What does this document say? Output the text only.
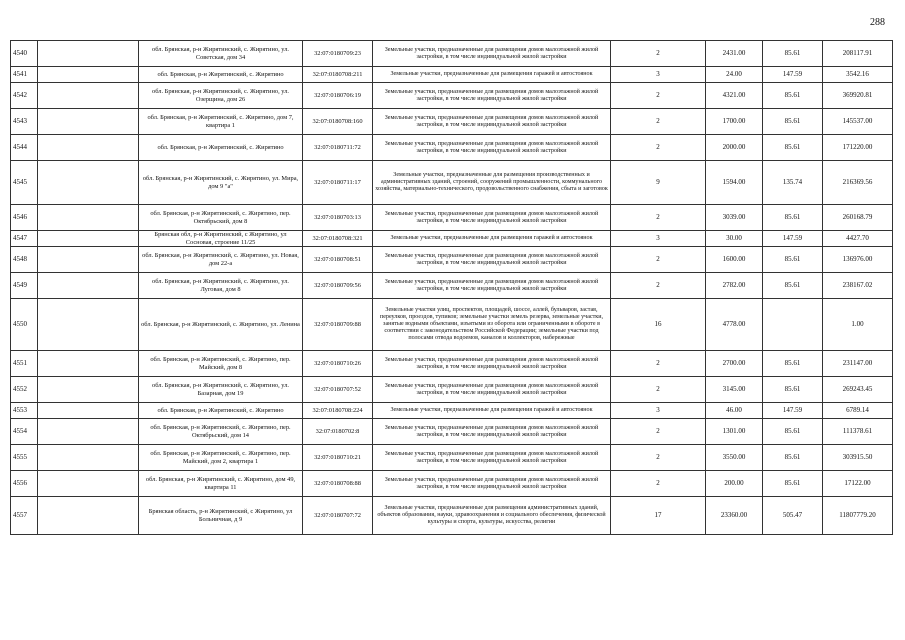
288
4540		обл. Брянская, р-н Жирятинский, с. Жирятино, ул. Советская, дом 34	32:07:0180709:23	Земельные участки, предназначенные для размещения домов малоэтажной жилой застройки, в том числе индивидуальной жилой застройки	2	2431.00	85.61	208117.91
4541		обл. Брянская, р-н Жирятинский, с. Жирятино	32:07:0180708:211	Земельные участки, предназначенные для размещения гаражей и автостоянок	3	24.00	147.59	3542.16
4542		обл. Брянская, р-н Жирятинский, с. Жирятино, ул. Озерщина, дом 26	32:07:0180706:19	Земельные участки, предназначенные для размещения домов малоэтажной жилой застройки, в том числе индивидуальной жилой застройки	2	4321.00	85.61	369920.81
4543		обл. Брянская, р-н Жирятинский, с. Жирятино, дом 7, квартира 1	32:07:0180708:160	Земельные участки, предназначенные для размещения домов малоэтажной жилой застройки, в том числе индивидуальной жилой застройки	2	1700.00	85.61	145537.00
4544		обл. Брянская, р-н Жирятинский, с. Жирятино	32:07:0180711:72	Земельные участки, предназначенные для размещения домов малоэтажной жилой застройки, в том числе индивидуальной жилой застройки	2	2000.00	85.61	171220.00
4545		обл. Брянская, р-н Жирятинский, с. Жирятино, ул. Мира, дом 9 "а"	32:07:0180711:17	Земельные участки, предназначенные для размещения производственных и административных зданий, строений, сооружений промышленности, коммунального хозяйства, материально-технического, продовольственного снабжения, сбыта и заготовок	9	1594.00	135.74	216369.56
4546		обл. Брянская, р-н Жирятинский, с. Жирятино, пер. Октябрьский, дом 8	32:07:0180703:13	Земельные участки, предназначенные для размещения домов малоэтажной жилой застройки, в том числе индивидуальной жилой застройки	2	3039.00	85.61	260168.79
4547		Брянская обл, р-н Жирятинский, с Жирятино, ул Сосновая, строение 11/25	32:07:0180708:321	Земельные участки, предназначенные для размещения гаражей и автостоянок	3	30.00	147.59	4427.70
4548		обл. Брянская, р-н Жирятинский, с. Жирятино, ул. Новая, дом 22-а	32:07:0180708:51	Земельные участки, предназначенные для размещения домов малоэтажной жилой застройки, в том числе индивидуальной жилой застройки	2	1600.00	85.61	136976.00
4549		обл. Брянская, р-н Жирятинский, с. Жирятино, ул. Луговая, дом 8	32:07:0180709:56	Земельные участки, предназначенные для размещения домов малоэтажной жилой застройки, в том числе индивидуальной жилой застройки	2	2782.00	85.61	238167.02
4550		обл. Брянская, р-н Жирятинский, с. Жирятино, ул. Ленина	32:07:0180709:88	Земельные участки улиц, проспектов, площадей, шоссе, аллей, бульваров, застав, переулков, проездов, тупиков; земельные участки земель резерва, земельные участки, занятые водными объектами, изъятыми из оборота или ограниченными в обороте в соответствии с законодательством Российской Федерации; земельные участки под полосами отвода водоемов, каналов и коллекторов, набережные	16	4778.00		1.00
4551		обл. Брянская, р-н Жирятинский, с. Жирятино, пер. Майский, дом 8	32:07:0180710:26	Земельные участки, предназначенные для размещения домов малоэтажной жилой застройки, в том числе индивидуальной жилой застройки	2	2700.00	85.61	231147.00
4552		обл. Брянская, р-н Жирятинский, с. Жирятино, ул. Базарная, дом 19	32:07:0180707:52	Земельные участки, предназначенные для размещения домов малоэтажной жилой застройки, в том числе индивидуальной жилой застройки	2	3145.00	85.61	269243.45
4553		обл. Брянская, р-н Жирятинский, с. Жирятино	32:07:0180708:224	Земельные участки, предназначенные для размещения гаражей и автостоянок	3	46.00	147.59	6789.14
4554		обл. Брянская, р-н Жирятинский, с. Жирятино, пер. Октябрьский, дом 14	32:07:0180702:8	Земельные участки, предназначенные для размещения домов малоэтажной жилой застройки, в том числе индивидуальной жилой застройки	2	1301.00	85.61	111378.61
4555		обл. Брянская, р-н Жирятинский, с. Жирятино, пер. Майский, дом 2, квартира 1	32:07:0180710:21	Земельные участки, предназначенные для размещения домов малоэтажной жилой застройки, в том числе индивидуальной жилой застройки	2	3550.00	85.61	303915.50
4556		обл. Брянская, р-н Жирятинский, с. Жирятино, дом 49, квартира 11	32:07:0180708:88	Земельные участки, предназначенные для размещения домов малоэтажной жилой застройки, в том числе индивидуальной жилой застройки	2	200.00	85.61	17122.00
4557		Брянская область, р-н Жирятинский, с Жирятино, ул Больничная, д 9	32:07:0180707:72	Земельные участки, предназначенные для размещения административных зданий, объектов образования, науки, здравоохранения и социального обеспечения, физической культуры и спорта, культуры, искусства, религии	17	23360.00	505.47	11807779.20
